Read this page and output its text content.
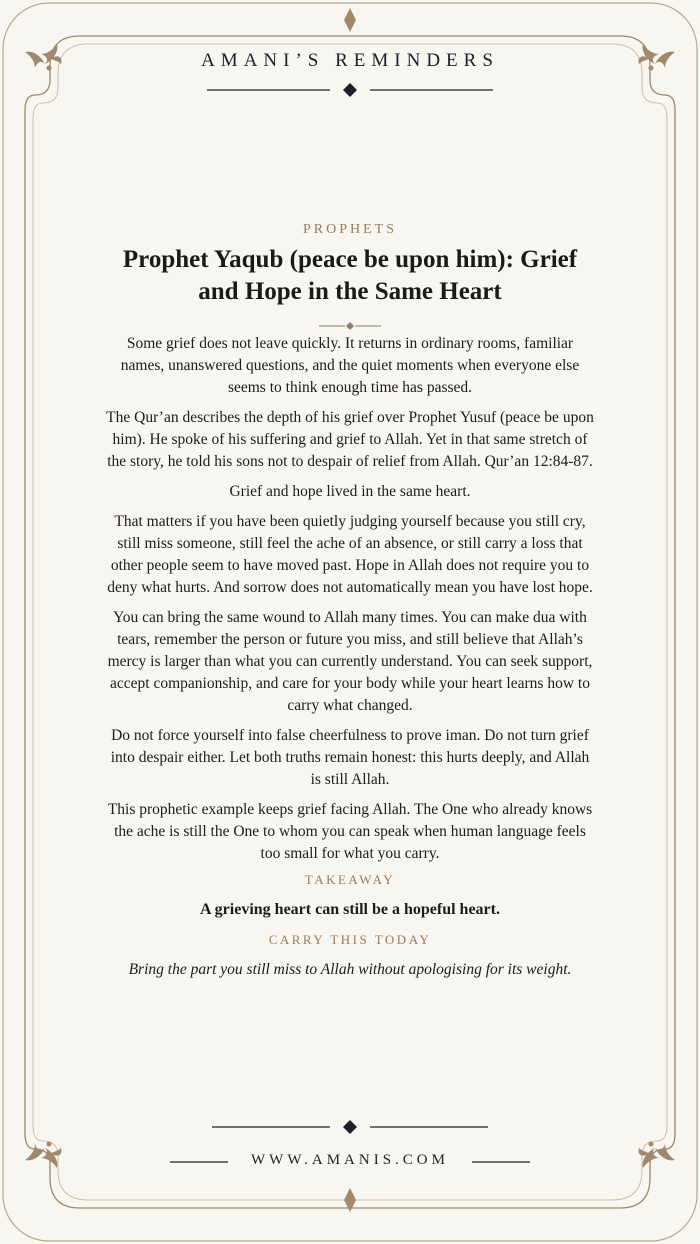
AMANI’S REMINDERS

PROPHETS

Prophet Yaqub (peace be upon him): Grief and Hope in the Same Heart

Some grief does not leave quickly. It returns in ordinary rooms, familiar names, unanswered questions, and the quiet moments when everyone else seems to think enough time has passed.

The Qur’an describes the depth of his grief over Prophet Yusuf (peace be upon him). He spoke of his suffering and grief to Allah. Yet in that same stretch of the story, he told his sons not to despair of relief from Allah. Qur’an 12:84-87.

Grief and hope lived in the same heart.

That matters if you have been quietly judging yourself because you still cry, still miss someone, still feel the ache of an absence, or still carry a loss that other people seem to have moved past. Hope in Allah does not require you to deny what hurts. And sorrow does not automatically mean you have lost hope.

You can bring the same wound to Allah many times. You can make dua with tears, remember the person or future you miss, and still believe that Allah’s mercy is larger than what you can currently understand. You can seek support, accept companionship, and care for your body while your heart learns how to carry what changed.

Do not force yourself into false cheerfulness to prove iman. Do not turn grief into despair either. Let both truths remain honest: this hurts deeply, and Allah is still Allah.

This prophetic example keeps grief facing Allah. The One who already knows the ache is still the One to whom you can speak when human language feels too small for what you carry.

TAKEAWAY

A grieving heart can still be a hopeful heart.

CARRY THIS TODAY

Bring the part you still miss to Allah without apologising for its weight.

WWW.AMANIS.COM
